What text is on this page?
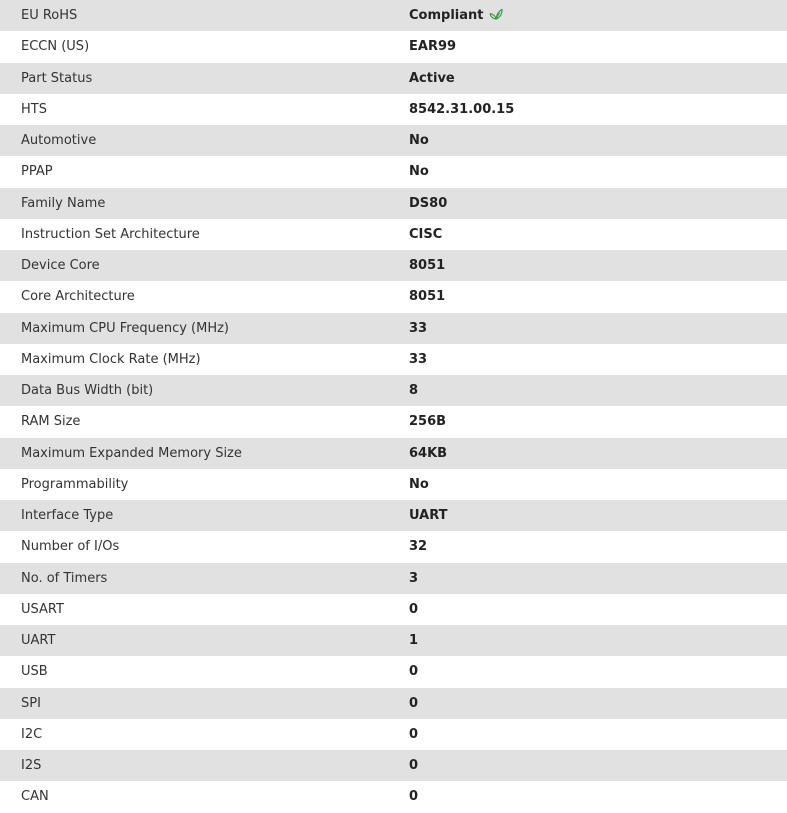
EU RoHS	Compliant

ECCN (US)	EAR99
Part Status	Active
HTS	8542.31.00.15
Automotive	No
PPAP	No
Family Name	DS80
Instruction Set Architecture	CISC
Device Core	8051
Core Architecture	8051
Maximum CPU Frequency (MHz)	33
Maximum Clock Rate (MHz)	33
Data Bus Width (bit)	8
RAM Size	256B
Maximum Expanded Memory Size	64KB
Programmability	No
Interface Type	UART
Number of I/Os	32
No. of Timers	3
USART	0
UART	1
USB	0
SPI	0
I2C	0
I2S	0
CAN	0
